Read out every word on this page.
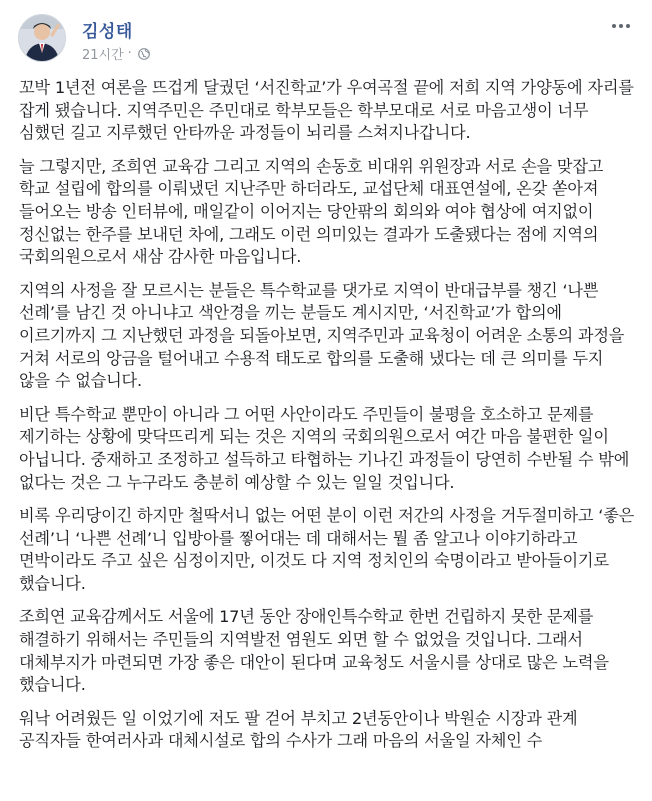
김성태
21시간 ·

꼬박 1년전 여론을 뜨겁게 달궜던 ‘서진학교’가 우여곡절 끝에 저희 지역 가양동에 자리를 잡게 됐습니다. 지역주민은 주민대로 학부모들은 학부모대로 서로 마음고생이 너무 심했던 길고 지루했던 안타까운 과정들이 뇌리를 스쳐지나갑니다.

늘 그렇지만, 조희연 교육감 그리고 지역의 손동호 비대위 위원장과 서로 손을 맞잡고 학교 설립에 합의를 이뤄냈던 지난주만 하더라도, 교섭단체 대표연설에, 온갖 쏟아져 들어오는 방송 인터뷰에, 매일같이 이어지는 당안팎의 회의와 여야 협상에 여지없이 정신없는 한주를 보내던 차에, 그래도 이런 의미있는 결과가 도출됐다는 점에 지역의 국회의원으로서 새삼 감사한 마음입니다.

지역의 사정을 잘 모르시는 분들은 특수학교를 댓가로 지역이 반대급부를 챙긴 ‘나쁜 선례’를 남긴 것 아니냐고 색안경을 끼는 분들도 계시지만, ‘서진학교’가 합의에 이르기까지 그 지난했던 과정을 되돌아보면, 지역주민과 교육청이 어려운 소통의 과정을 거쳐 서로의 앙금을 털어내고 수용적 태도로 합의를 도출해 냈다는 데 큰 의미를 두지 않을 수 없습니다.

비단 특수학교 뿐만이 아니라 그 어떤 사안이라도 주민들이 불평을 호소하고 문제를 제기하는 상황에 맞닥뜨리게 되는 것은 지역의 국회의원으로서 여간 마음 불편한 일이 아닙니다. 중재하고 조정하고 설득하고 타협하는 기나긴 과정들이 당연히 수반될 수 밖에 없다는 것은 그 누구라도 충분히 예상할 수 있는 일일 것입니다.

비록 우리당이긴 하지만 철딱서니 없는 어떤 분이 이런 저간의 사정을 거두절미하고 ‘좋은 선례’니 ‘나쁜 선례’니 입방아를 찧어대는 데 대해서는 뭘 좀 알고나 이야기하라고 면박이라도 주고 싶은 심정이지만, 이것도 다 지역 정치인의 숙명이라고 받아들이기로 했습니다.

조희연 교육감께서도 서울에 17년 동안 장애인특수학교 한번 건립하지 못한 문제를 해결하기 위해서는 주민들의 지역발전 염원도 외면 할 수 없었을 것입니다. 그래서 대체부지가 마련되면 가장 좋은 대안이 된다며 교육청도 서울시를 상대로 많은 노력을 했습니다.

워낙 어려웠든 일 이었기에 저도 팔 걷어 부치고 2년동안이나 박원순 시장과 관계 공직자들 한여러사과 대체시설로 합의 수사가 그래 마음의 서울일 자체인 수
